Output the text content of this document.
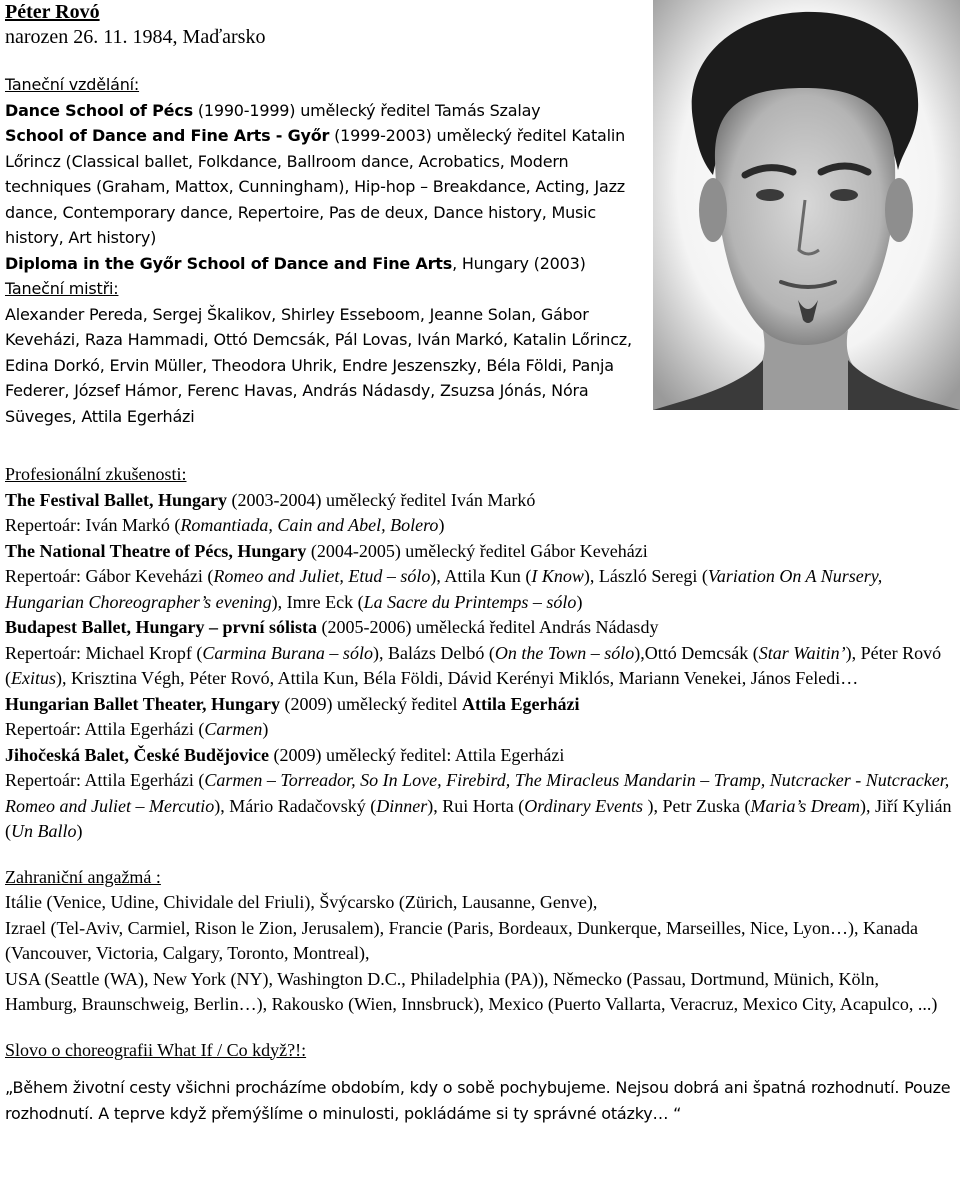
Péter Rovó
narozen 26. 11. 1984, Maďarsko
Taneční vzdělání:
Dance School of Pécs (1990-1999) umělecký ředitel Tamás Szalay
School of Dance and Fine Arts - Győr (1999-2003) umělecký ředitel Katalin Lőrincz (Classical ballet, Folkdance, Ballroom dance, Acrobatics, Modern techniques (Graham, Mattox, Cunningham), Hip-hop – Breakdance, Acting, Jazz dance, Contemporary dance, Repertoire, Pas de deux, Dance history, Music history, Art history)
Diploma in the Győr School of Dance and Fine Arts, Hungary (2003)
Taneční mistři:
Alexander Pereda, Sergej Škalikov, Shirley Esseboom, Jeanne Solan, Gábor Keveházi, Raza Hammadi, Ottó Demcsák, Pál Lovas, Iván Markó, Katalin Lőrincz, Edina Dorkó, Ervin Müller, Theodora Uhrik, Endre Jeszenszky, Béla Földi, Panja Federer, József Hámor, Ferenc Havas, András Nádasdy, Zsuzsa Jónás, Nóra Süveges, Attila Egerházi

Profesionální zkušenosti:

The Festival Ballet, Hungary (2003-2004) umělecký ředitel Iván Markó

Repertoár: Iván Markó (Romantiada, Cain and Abel, Bolero)

The National Theatre of Pécs, Hungary (2004-2005) umělecký ředitel Gábor Keveházi

Repertoár: Gábor Keveházi (Romeo and Juliet, Etud – sólo), Attila Kun (I Know), László Seregi (Variation On A Nursery, Hungarian Choreographer’s evening), Imre Eck (La Sacre du Printemps – sólo)

Budapest Ballet, Hungary – první sólista (2005-2006) umělecká ředitel András Nádasdy

Repertoár: Michael Kropf (Carmina Burana – sólo), Balázs Delbó (On the Town – sólo),Ottó Demcsák (Star Waitin’), Péter Rovó (Exitus), Krisztina Végh, Péter Rovó, Attila Kun, Béla Földi, Dávid Kerényi Miklós, Mariann Venekei, János Feledi…

Hungarian Ballet Theater, Hungary (2009) umělecký ředitel Attila Egerházi

Repertoár: Attila Egerházi (Carmen)

Jihočeská Balet, České Budějovice (2009) umělecký ředitel: Attila Egerházi

Repertoár: Attila Egerházi (Carmen – Torreador, So In Love, Firebird, The Miracleus Mandarin – Tramp, Nutcracker - Nutcracker, Romeo and Juliet – Mercutio), Mário Radačovský (Dinner), Rui Horta (Ordinary Events ), Petr Zuska (Maria’s Dream), Jiří Kylián (Un Ballo)

Zahraniční angažmá :

Itálie (Venice, Udine, Chividale del Friuli), Švýcarsko (Zürich, Lausanne, Genve),

Izrael (Tel-Aviv, Carmiel, Rison le Zion, Jerusalem), Francie (Paris, Bordeaux, Dunkerque, Marseilles, Nice, Lyon…), Kanada (Vancouver, Victoria, Calgary, Toronto, Montreal),

USA (Seattle (WA), New York (NY), Washington D.C., Philadelphia (PA)), Německo (Passau, Dortmund, Münich, Köln, Hamburg, Braunschweig, Berlin…), Rakousko (Wien, Innsbruck), Mexico (Puerto Vallarta, Veracruz, Mexico City, Acapulco, ...)

Slovo o choreografii What If / Co když?!:

„Během životní cesty všichni procházíme obdobím, kdy o sobě pochybujeme. Nejsou dobrá ani špatná rozhodnutí. Pouze rozhodnutí. A teprve když přemýšlíme o minulosti, pokládáme si ty správné otázky… “
